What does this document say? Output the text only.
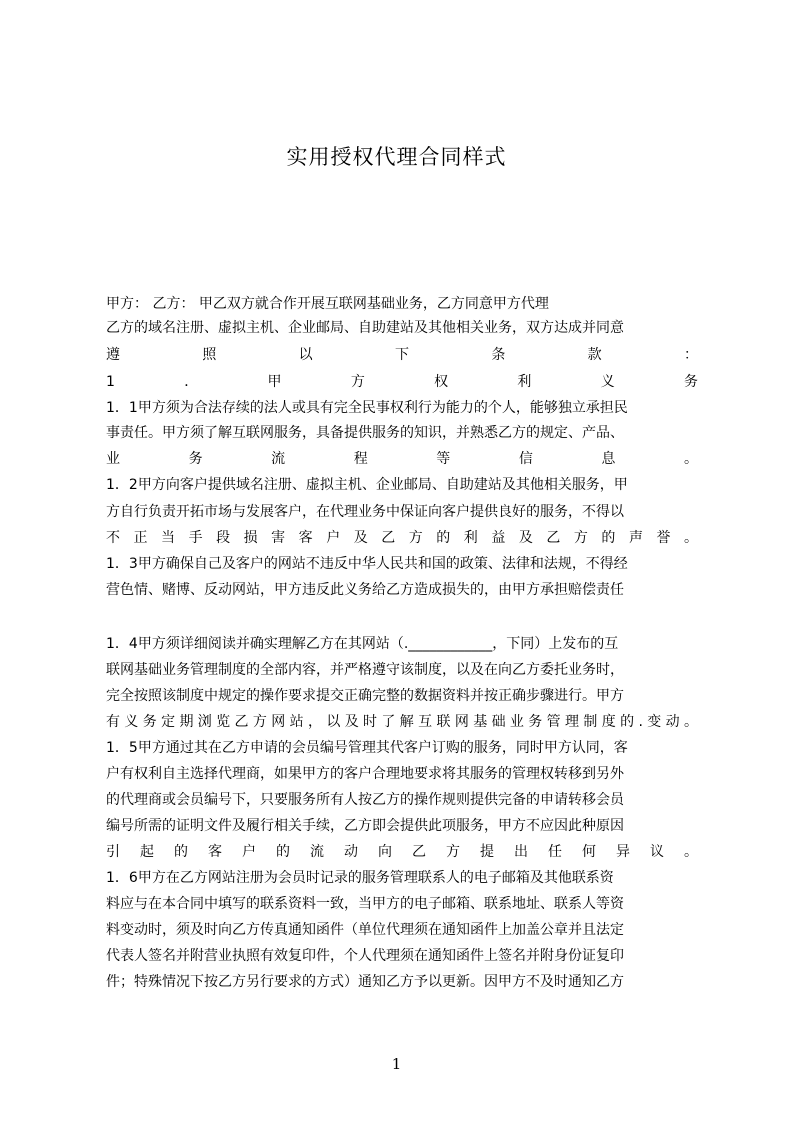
实用授权代理合同样式
甲方： 乙方： 甲乙双方就合作开展互联网基础业务，乙方同意甲方代理
乙方的域名注册、虚拟主机、企业邮局、自助建站及其他相关业务，双方达成并同意
遵	照	以	下	条	款	：
1	．	甲	方	权	利	义	务
1．1甲方须为合法存续的法人或具有完全民事权利行为能力的个人，能够独立承担民
事责任。甲方须了解互联网服务，具备提供服务的知识，并熟悉乙方的规定、产品、
业	务	流	程	等	信	息	。
1．2甲方向客户提供域名注册、虚拟主机、企业邮局、自助建站及其他相关服务，甲
方自行负责开拓市场与发展客户，在代理业务中保证向客户提供良好的服务，不得以
不正当手段损害客户及乙方的利益及乙方的声誉。
1．3甲方确保自己及客户的网站不违反中华人民共和国的政策、法律和法规，不得经
营色情、赌博、反动网站，甲方违反此义务给乙方造成损失的，由甲方承担赔偿责任
1．4甲方须详细阅读并确实理解乙方在其网站（.____________，下同）上发布的互
联网基础业务管理制度的全部内容，并严格遵守该制度，以及在向乙方委托业务时，
完全按照该制度中规定的操作要求提交正确完整的数据资料并按正确步骤进行。甲方
有义务定期浏览乙方网站，以及时了解互联网基础业务管理制度的.变动。
1．5甲方通过其在乙方申请的会员编号管理其代客户订购的服务，同时甲方认同，客
户有权利自主选择代理商，如果甲方的客户合理地要求将其服务的管理权转移到另外
的代理商或会员编号下，只要服务所有人按乙方的操作规则提供完备的申请转移会员
编号所需的证明文件及履行相关手续，乙方即会提供此项服务，甲方不应因此种原因
引起的客户的流动向乙方提出任何异议。
1．6甲方在乙方网站注册为会员时记录的服务管理联系人的电子邮箱及其他联系资
料应与在本合同中填写的联系资料一致，当甲方的电子邮箱、联系地址、联系人等资
料变动时，须及时向乙方传真通知函件（单位代理须在通知函件上加盖公章并且法定
代表人签名并附营业执照有效复印件，个人代理须在通知函件上签名并附身份证复印
件；特殊情况下按乙方另行要求的方式）通知乙方予以更新。因甲方不及时通知乙方
1
